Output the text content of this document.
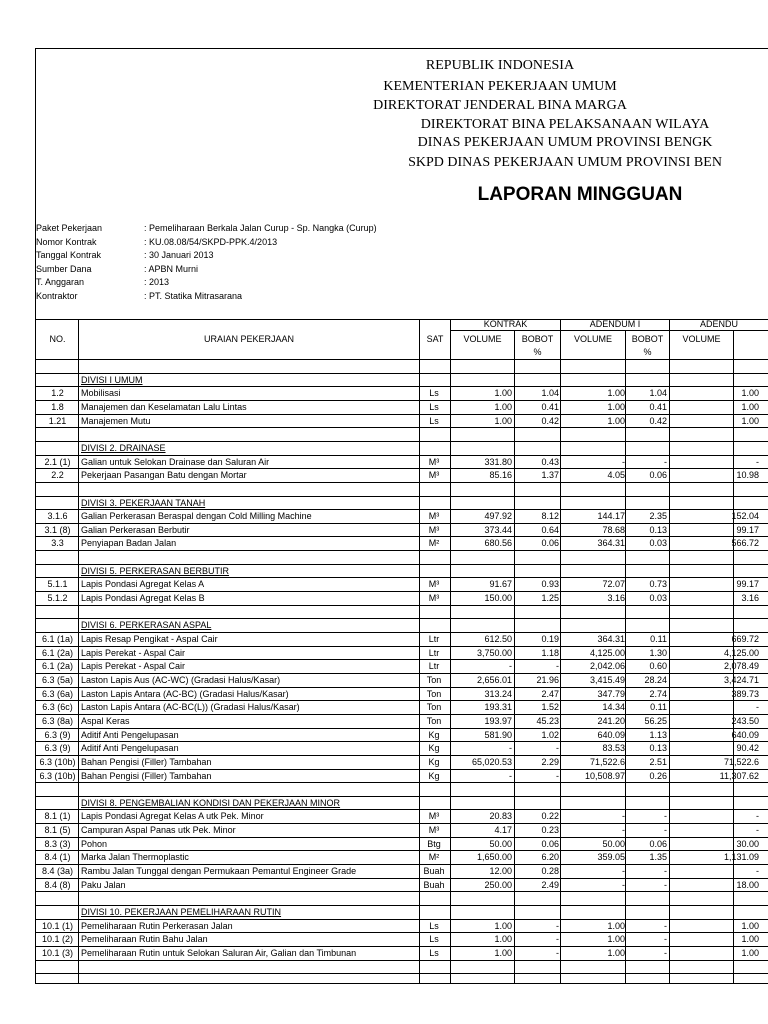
REPUBLIK INDONESIA
KEMENTERIAN PEKERJAAN UMUM
DIREKTORAT JENDERAL BINA MARGA
DIREKTORAT BINA PELAKSANAAN WILAYA
DINAS PEKERJAAN UMUM PROVINSI BENGK
SKPD DINAS PEKERJAAN UMUM PROVINSI BEN
LAPORAN MINGGUAN
Paket Pekerjaan	: Pemeliharaan Berkala Jalan Curup - Sp. Nangka (Curup)
Nomor Kontrak	: KU.08.08/54/SKPD-PPK.4/2013
Tanggal Kontrak	: 30 Januari 2013
Sumber Dana	: APBN Murni
T. Anggaran	: 2013
Kontraktor	: PT. Statika Mitrasarana
NO.	URAIAN PEKERJAAN	SAT
KONTRAK	ADENDUM I	ADENDU
VOLUME	BOBOT
%
VOLUME	BOBOT
%
VOLUME
DIVISI I UMUM
1.2	Mobilisasi	Ls	1.00	1.04	1.00	1.04	1.00
1.8	Manajemen dan Keselamatan Lalu Lintas	Ls	1.00	0.41	1.00	0.41	1.00
1.21	Manajemen Mutu	Ls	1.00	0.42	1.00	0.42	1.00
DIVISI 2. DRAINASE
2.1 (1)	Galian untuk Selokan Drainase dan Saluran Air	M³	331.80	0.43	-	-	-
2.2	Pekerjaan Pasangan Batu dengan Mortar	M³	85.16	1.37	4.05	0.06	10.98
DIVISI 3. PEKERJAAN TANAH
3.1.6	Galian Perkerasan Beraspal dengan Cold Milling Machine	M³	497.92	8.12	144.17	2.35	152.04
3.1 (8)	Galian Perkerasan Berbutir	M³	373.44	0.64	78.68	0.13	99.17
3.3	Penyiapan Badan Jalan	M²	680.56	0.06	364.31	0.03	566.72
DIVISI 5. PERKERASAN BERBUTIR
5.1.1	Lapis Pondasi Agregat Kelas A	M³	91.67	0.93	72.07	0.73	99.17
5.1.2	Lapis Pondasi Agregat Kelas B	M³	150.00	1.25	3.16	0.03	3.16
DIVISI 6. PERKERASAN ASPAL
6.1 (1a) Lapis Resap Pengikat - Aspal Cair	Ltr	612.50	0.19	364.31	0.11	669.72
6.1 (2a) Lapis Perekat - Aspal Cair	Ltr	3,750.00	1.18	4,125.00	1.30	4,125.00
6.1 (2a) Lapis Perekat - Aspal Cair	Ltr	-	-	2,042.06	0.60	2,078.49
6.3 (5a) Laston Lapis Aus (AC-WC) (Gradasi Halus/Kasar)	Ton	2,656.01	21.96	3,415.49	28.24	3,424.71
6.3 (6a) Laston Lapis Antara (AC-BC) (Gradasi Halus/Kasar)	Ton	313.24	2.47	347.79	2.74	389.73
6.3 (6c) Laston Lapis Antara (AC-BC(L)) (Gradasi Halus/Kasar)	Ton	193.31	1.52	14.34	0.11	-
6.3 (8a) Aspal Keras	Ton	193.97	45.23	241.20	56.25	243.50
6.3 (9)	Aditif Anti Pengelupasan	Kg	581.90	1.02	640.09	1.13	640.09
6.3 (9)	Aditif Anti Pengelupasan	Kg	-	-	83.53	0.13	90.42
6.3 (10b) Bahan Pengisi (Filler) Tambahan	Kg	65,020.53	2.29	71,522.6	2.51	71,522.6
6.3 (10b) Bahan Pengisi (Filler) Tambahan	Kg	-	-	10,508.97	0.26	11,307.62
DIVISI 8. PENGEMBALIAN KONDISI DAN PEKERJAAN MINOR
8.1 (1)	Lapis Pondasi Agregat Kelas A utk Pek. Minor	M³	20.83	0.22	-	-	-
8.1 (5)	Campuran Aspal Panas utk Pek. Minor	M³	4.17	0.23	-	-	-
8.3 (3)	Pohon	Btg	50.00	0.06	50.00	0.06	30.00
8.4 (1)	Marka Jalan Thermoplastic	M²	1,650.00	6.20	359.05	1.35	1,131.09
8.4 (3a) Rambu Jalan Tunggal dengan Permukaan Pemantul Engineer Grade	Buah	12.00	0.28	-	-	-
8.4 (8)	Paku Jalan	Buah	250.00	2.49	-	-	18.00
DIVISI 10. PEKERJAAN PEMELIHARAAN RUTIN
10.1 (1) Pemeliharaan Rutin Perkerasan Jalan	Ls	1.00	-	1.00	-	1.00
10.1 (2) Pemeliharaan Rutin Bahu Jalan	Ls	1.00	-	1.00	-	1.00
10.1 (3) Pemeliharaan Rutin untuk Selokan Saluran Air, Galian dan Timbunan	Ls	1.00	-	1.00	-	1.00
